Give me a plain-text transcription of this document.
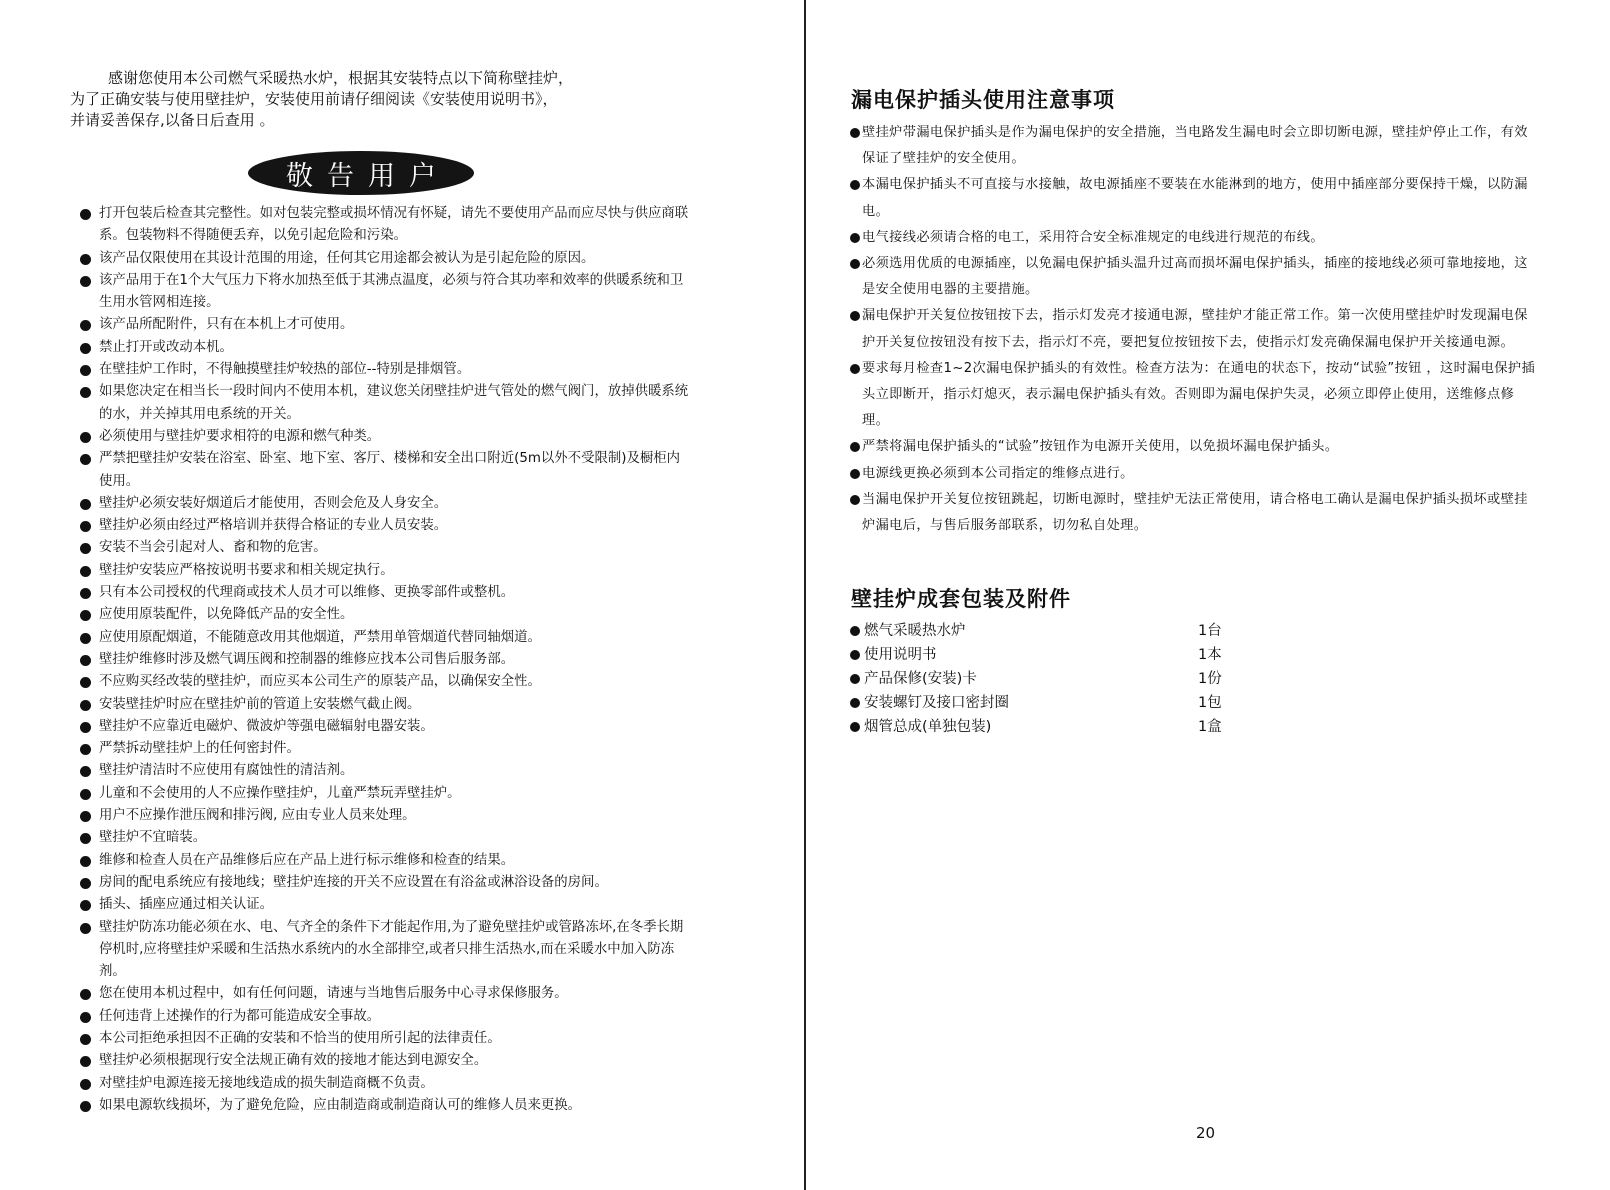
感谢您使用本公司燃气采暖热水炉，根据其安装特点以下简称壁挂炉，

为了正确安装与使用壁挂炉，安装使用前请仔细阅读《安装使用说明书》，

并请妥善保存,以备日后查用 。

敬告用户
打开包装后检查其完整性。如对包装完整或损坏情况有怀疑，请先不要使用产品而应尽快与供应商联系。包装物料不得随便丢弃，以免引起危险和污染。
该产品仅限使用在其设计范围的用途，任何其它用途都会被认为是引起危险的原因。
该产品用于在1个大气压力下将水加热至低于其沸点温度，必须与符合其功率和效率的供暖系统和卫生用水管网相连接。
该产品所配附件，只有在本机上才可使用。
禁止打开或改动本机。
在壁挂炉工作时，不得触摸壁挂炉较热的部位--特别是排烟管。
如果您决定在相当长一段时间内不使用本机，建议您关闭壁挂炉进气管处的燃气阀门，放掉供暖系统的水，并关掉其用电系统的开关。
必须使用与壁挂炉要求相符的电源和燃气种类。
严禁把壁挂炉安装在浴室、卧室、地下室、客厅、楼梯和安全出口附近(5m以外不受限制)及橱柜内使用。
壁挂炉必须安装好烟道后才能使用，否则会危及人身安全。
壁挂炉必须由经过严格培训并获得合格证的专业人员安装。
安装不当会引起对人、畜和物的危害。
壁挂炉安装应严格按说明书要求和相关规定执行。
只有本公司授权的代理商或技术人员才可以维修、更换零部件或整机。
应使用原装配件，以免降低产品的安全性。
应使用原配烟道，不能随意改用其他烟道，严禁用单管烟道代替同轴烟道。
壁挂炉维修时涉及燃气调压阀和控制器的维修应找本公司售后服务部。
不应购买经改装的壁挂炉，而应买本公司生产的原装产品，以确保安全性。
安装壁挂炉时应在壁挂炉前的管道上安装燃气截止阀。
壁挂炉不应靠近电磁炉、微波炉等强电磁辐射电器安装。
严禁拆动壁挂炉上的任何密封件。
壁挂炉清洁时不应使用有腐蚀性的清洁剂。
儿童和不会使用的人不应操作壁挂炉，儿童严禁玩弄壁挂炉。
用户不应操作泄压阀和排污阀, 应由专业人员来处理。
壁挂炉不宜暗装。
维修和检查人员在产品维修后应在产品上进行标示维修和检查的结果。
房间的配电系统应有接地线；壁挂炉连接的开关不应设置在有浴盆或淋浴设备的房间。
插头、插座应通过相关认证。
壁挂炉防冻功能必须在水、电、气齐全的条件下才能起作用,为了避免壁挂炉或管路冻坏,在冬季长期停机时,应将壁挂炉采暖和生活热水系统内的水全部排空,或者只排生活热水,而在采暖水中加入防冻剂。
您在使用本机过程中，如有任何问题，请速与当地售后服务中心寻求保修服务。
任何违背上述操作的行为都可能造成安全事故。
本公司拒绝承担因不正确的安装和不恰当的使用所引起的法律责任。
壁挂炉必须根据现行安全法规正确有效的接地才能达到电源安全。
对壁挂炉电源连接无接地线造成的损失制造商概不负责。
如果电源软线损坏，为了避免危险，应由制造商或制造商认可的维修人员来更换。
漏电保护插头使用注意事项
壁挂炉带漏电保护插头是作为漏电保护的安全措施，当电路发生漏电时会立即切断电源，壁挂炉停止工作，有效保证了壁挂炉的安全使用。
本漏电保护插头不可直接与水接触，故电源插座不要装在水能淋到的地方，使用中插座部分要保持干燥，以防漏电。
电气接线必须请合格的电工，采用符合安全标准规定的电线进行规范的布线。
必须选用优质的电源插座，以免漏电保护插头温升过高而损坏漏电保护插头，插座的接地线必须可靠地接地，这是安全使用电器的主要措施。
漏电保护开关复位按钮按下去，指示灯发亮才接通电源，壁挂炉才能正常工作。第一次使用壁挂炉时发现漏电保护开关复位按钮没有按下去，指示灯不亮，要把复位按钮按下去，使指示灯发亮确保漏电保护开关接通电源。
要求每月检查1~2次漏电保护插头的有效性。检查方法为：在通电的状态下，按动“试验”按钮 ，这时漏电保护插头立即断开，指示灯熄灭，表示漏电保护插头有效。否则即为漏电保护失灵，必须立即停止使用，送维修点修理。
严禁将漏电保护插头的“试验”按钮作为电源开关使用，以免损坏漏电保护插头。
电源线更换必须到本公司指定的维修点进行。
当漏电保护开关复位按钮跳起，切断电源时，壁挂炉无法正常使用，请合格电工确认是漏电保护插头损坏或壁挂炉漏电后，与售后服务部联系，切勿私自处理。
壁挂炉成套包装及附件
燃气采暖热水炉	1台
使用说明书	1本
产品保修(安装)卡	1份
安装螺钉及接口密封圈	1包
烟管总成(单独包装)	1盒
20
